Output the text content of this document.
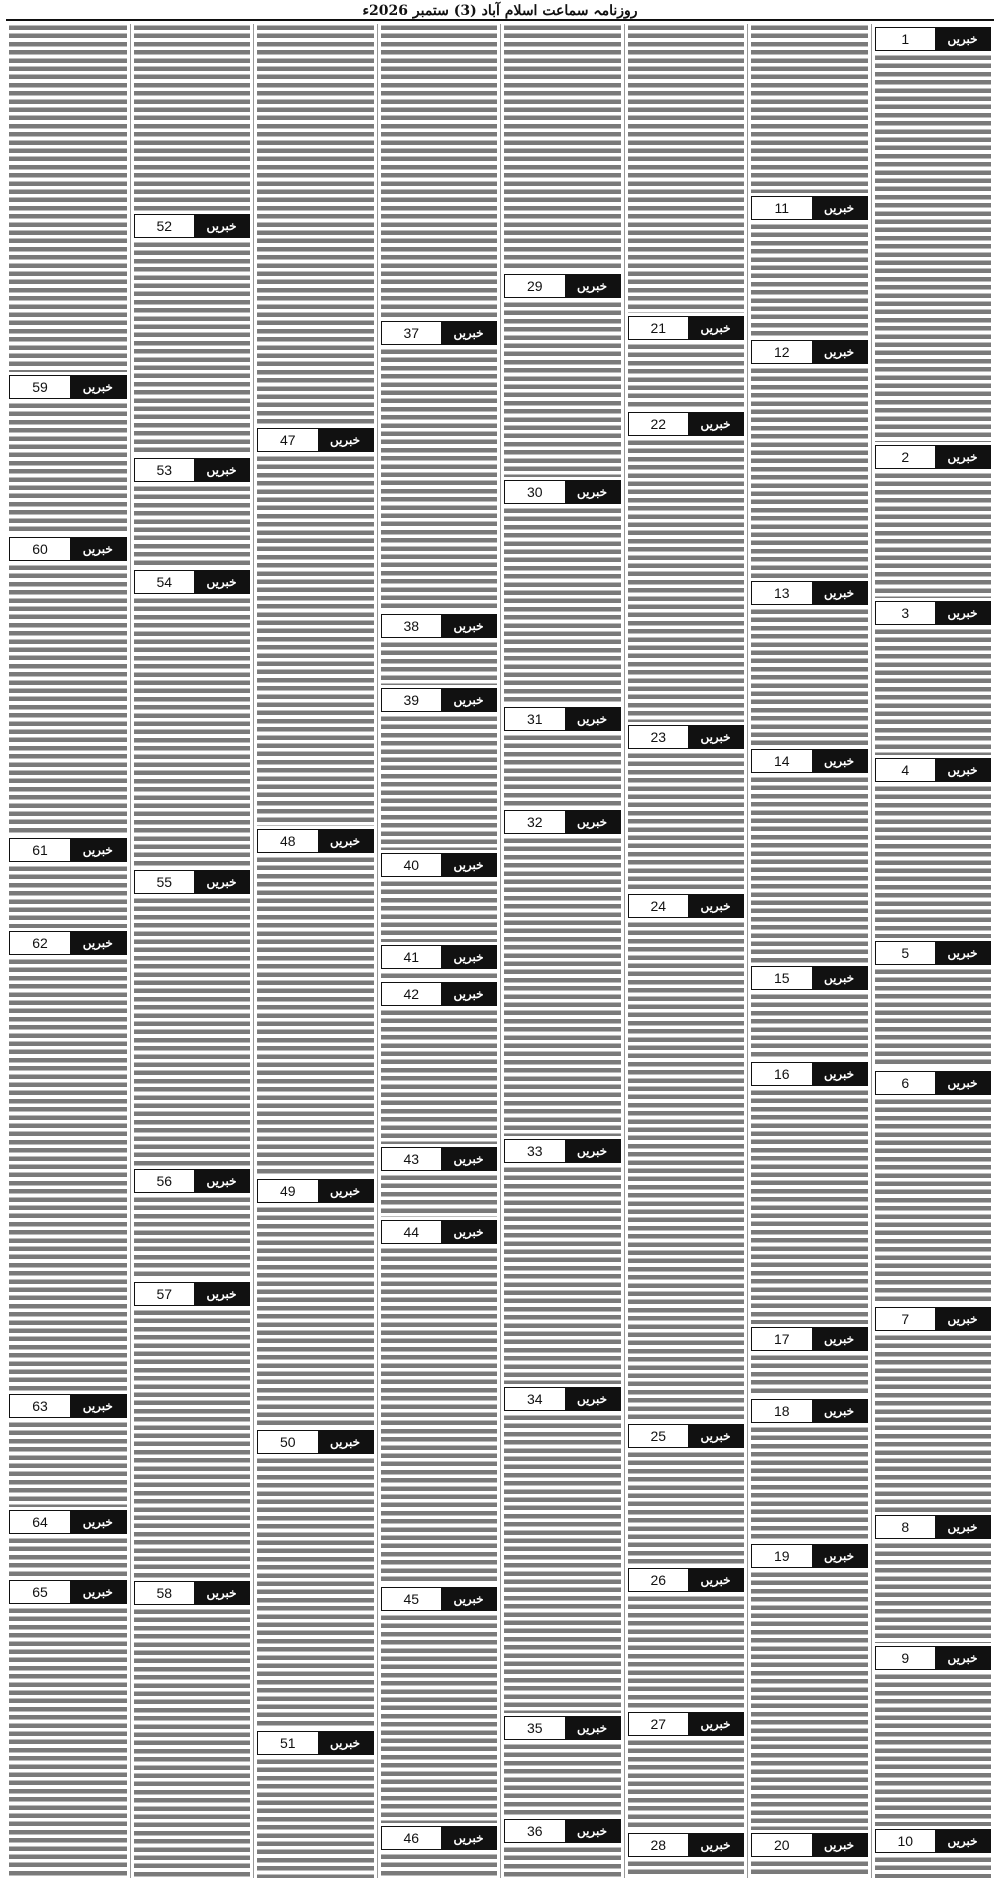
روزنامہ سماعت اسلام آباد (3) ستمبر 2026ء
خبریں
1
خبریں
2
خبریں
3
خبریں
4
خبریں
5
خبریں
6
خبریں
7
خبریں
8
خبریں
9
خبریں
10
خبریں
11
خبریں
12
خبریں
13
خبریں
14
خبریں
15
خبریں
16
خبریں
17
خبریں
18
خبریں
19
خبریں
20
خبریں
21
خبریں
22
خبریں
23
خبریں
24
خبریں
25
خبریں
26
خبریں
27
خبریں
28
خبریں
29
خبریں
30
خبریں
31
خبریں
32
خبریں
33
خبریں
34
خبریں
35
خبریں
36
خبریں
37
خبریں
38
خبریں
39
خبریں
40
خبریں
41
خبریں
42
خبریں
43
خبریں
44
خبریں
45
خبریں
46
خبریں
47
خبریں
48
خبریں
49
خبریں
50
خبریں
51
خبریں
52
خبریں
53
خبریں
54
خبریں
55
خبریں
56
خبریں
57
خبریں
58
خبریں
59
خبریں
60
خبریں
61
خبریں
62
خبریں
63
خبریں
64
خبریں
65
